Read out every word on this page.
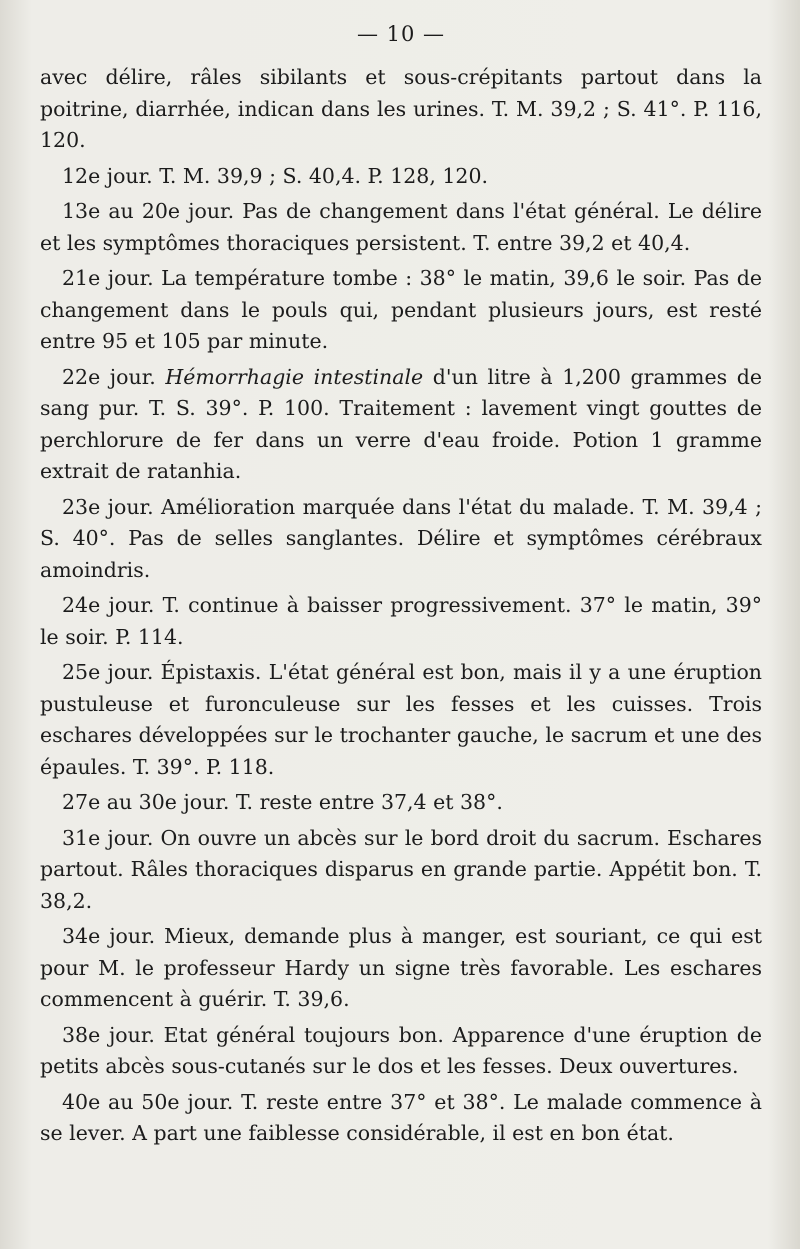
— 10 —

avec délire, râles sibilants et sous-crépitants partout dans la poitrine, diarrhée, indican dans les urines. T. M. 39,2 ; S. 41°. P. 116, 120.

12e jour. T. M. 39,9 ; S. 40,4. P. 128, 120.

13e au 20e jour. Pas de changement dans l'état général. Le délire et les symptômes thoraciques persistent. T. entre 39,2 et 40,4.

21e jour. La température tombe : 38° le matin, 39,6 le soir. Pas de changement dans le pouls qui, pendant plusieurs jours, est resté entre 95 et 105 par minute.

22e jour. Hémorrhagie intestinale d'un litre à 1,200 grammes de sang pur. T. S. 39°. P. 100. Traitement : lavement vingt gouttes de perchlorure de fer dans un verre d'eau froide. Potion 1 gramme extrait de ratanhia.

23e jour. Amélioration marquée dans l'état du malade. T. M. 39,4 ; S. 40°. Pas de selles sanglantes. Délire et symptômes cérébraux amoindris.

24e jour. T. continue à baisser progressivement. 37° le matin, 39° le soir. P. 114.

25e jour. Épistaxis. L'état général est bon, mais il y a une éruption pustuleuse et furonculeuse sur les fesses et les cuisses. Trois eschares développées sur le trochanter gauche, le sacrum et une des épaules. T. 39°. P. 118.

27e au 30e jour. T. reste entre 37,4 et 38°.

31e jour. On ouvre un abcès sur le bord droit du sacrum. Eschares partout. Râles thoraciques disparus en grande partie. Appétit bon. T. 38,2.

34e jour. Mieux, demande plus à manger, est souriant, ce qui est pour M. le professeur Hardy un signe très favorable. Les eschares commencent à guérir. T. 39,6.

38e jour. Etat général toujours bon. Apparence d'une éruption de petits abcès sous-cutanés sur le dos et les fesses. Deux ouvertures.

40e au 50e jour. T. reste entre 37° et 38°. Le malade commence à se lever. A part une faiblesse considérable, il est en bon état.
